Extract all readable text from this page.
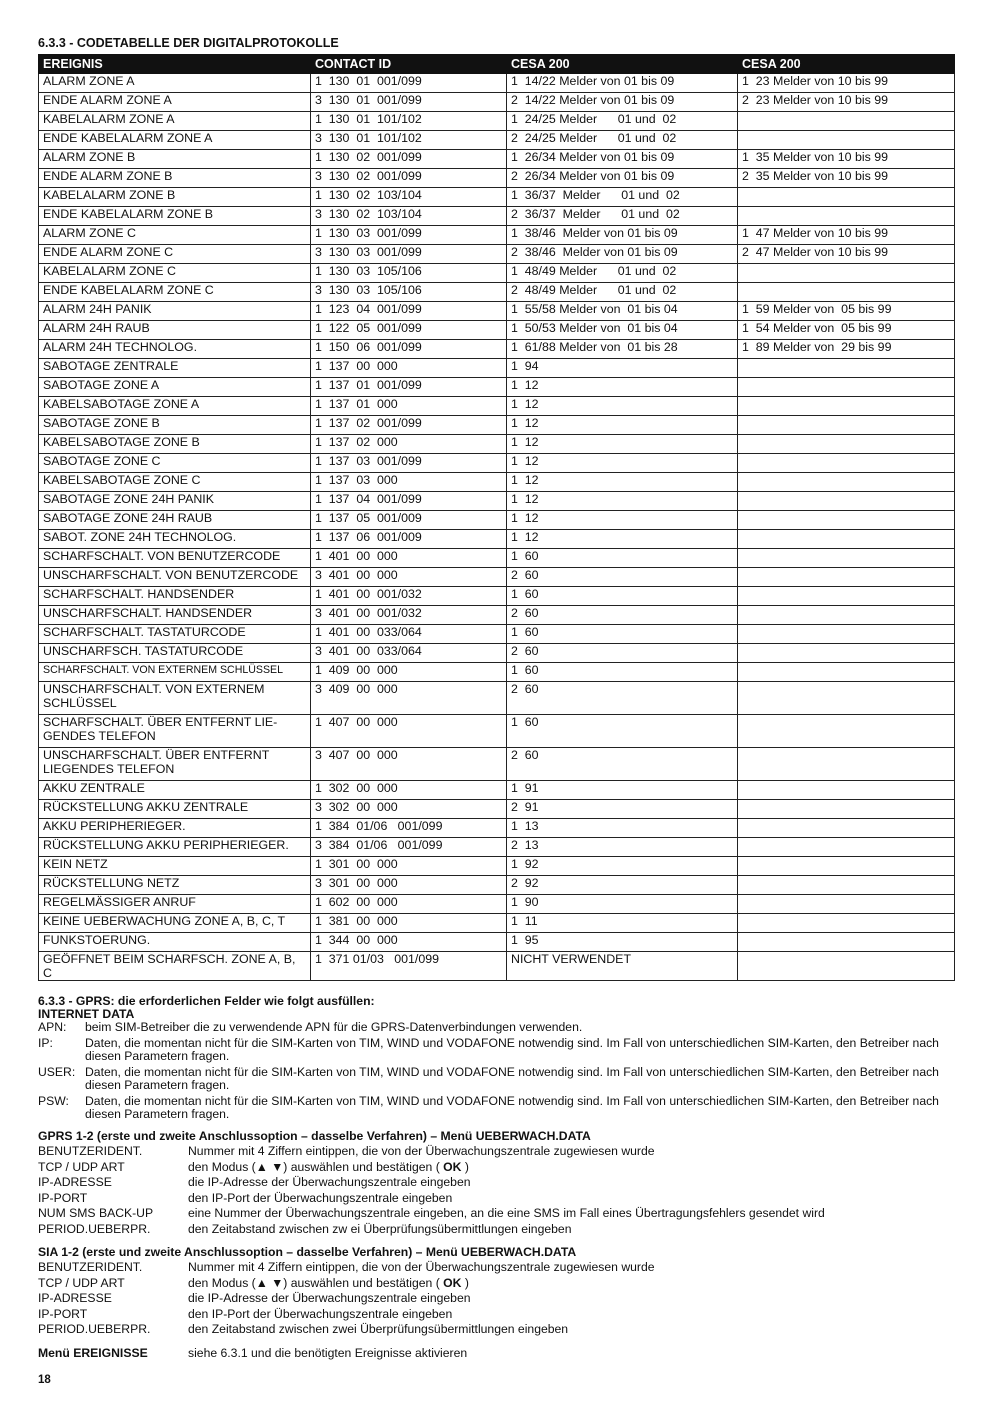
6.3.3 - CODETABELLE DER DIGITALPROTOKOLLE
EREIGNIS	CONTACT ID	CESA 200	CESA 200
ALARM ZONE A	1  130  01  001/099	1  14/22 Melder von 01 bis 09	1  23 Melder von 10 bis 99
ENDE ALARM ZONE A	3  130  01  001/099	2  14/22 Melder von 01 bis 09	2  23 Melder von 10 bis 99
KABELALARM ZONE A	1  130  01  101/102	1  24/25 Melder      01 und  02	
ENDE KABELALARM ZONE A	3  130  01  101/102	2  24/25 Melder      01 und  02	
ALARM ZONE B	1  130  02  001/099	1  26/34 Melder von 01 bis 09	1  35 Melder von 10 bis 99
ENDE ALARM ZONE B	3  130  02  001/099	2  26/34 Melder von 01 bis 09	2  35 Melder von 10 bis 99
KABELALARM ZONE B	1  130  02  103/104	1  36/37  Melder      01 und  02	
ENDE KABELALARM ZONE B	3  130  02  103/104	2  36/37  Melder      01 und  02	
ALARM ZONE C	1  130  03  001/099	1  38/46  Melder von 01 bis 09	1  47 Melder von 10 bis 99
ENDE ALARM ZONE C	3  130  03  001/099	2  38/46  Melder von 01 bis 09	2  47 Melder von 10 bis 99
KABELALARM ZONE C	1  130  03  105/106	1  48/49 Melder      01 und  02	
ENDE KABELALARM ZONE C	3  130  03  105/106	2  48/49 Melder      01 und  02	
ALARM 24H PANIK	1  123  04  001/099	1  55/58 Melder von  01 bis 04	1  59 Melder von  05 bis 99
ALARM 24H RAUB	1  122  05  001/099	1  50/53 Melder von  01 bis 04	1  54 Melder von  05 bis 99
ALARM 24H TECHNOLOG.	1  150  06  001/099	1  61/88 Melder von  01 bis 28	1  89 Melder von  29 bis 99
SABOTAGE ZENTRALE	1  137  00  000	1  94	
SABOTAGE ZONE A	1  137  01  001/099	1  12	
KABELSABOTAGE ZONE A	1  137  01  000	1  12	
SABOTAGE ZONE B	1  137  02  001/099	1  12	
KABELSABOTAGE ZONE B	1  137  02  000	1  12	
SABOTAGE ZONE C	1  137  03  001/099	1  12	
KABELSABOTAGE ZONE C	1  137  03  000	1  12	
SABOTAGE ZONE 24H PANIK	1  137  04  001/099	1  12	
SABOTAGE ZONE 24H RAUB	1  137  05  001/009	1  12	
SABOT. ZONE 24H TECHNOLOG.	1  137  06  001/009	1  12	
SCHARFSCHALT. VON BENUTZERCODE	1  401  00  000	1  60	
UNSCHARFSCHALT. VON BENUTZERCODE	3  401  00  000	2  60	
SCHARFSCHALT. HANDSENDER	1  401  00  001/032	1  60	
UNSCHARFSCHALT. HANDSENDER	3  401  00  001/032	2  60	
SCHARFSCHALT. TASTATURCODE	1  401  00  033/064	1  60	
UNSCHARFSCH. TASTATURCODE	3  401  00  033/064	2  60	
SCHARFSCHALT. VON EXTERNEM SCHLÜSSEL	1  409  00  000	1  60	
UNSCHARFSCHALT. VON EXTERNEM SCHLÜSSEL	3  409  00  000	2  60	
SCHARFSCHALT. ÜBER ENTFERNT LIE-GENDES TELEFON	1  407  00  000	1  60	
UNSCHARFSCHALT. ÜBER ENTFERNT LIEGENDES TELEFON	3  407  00  000	2  60	
AKKU ZENTRALE	1  302  00  000	1  91	
RÜCKSTELLUNG AKKU ZENTRALE	3  302  00  000	2  91	
AKKU PERIPHERIEGER.	1  384  01/06   001/099	1  13	
RÜCKSTELLUNG AKKU PERIPHERIEGER.	3  384  01/06   001/099	2  13	
KEIN NETZ	1  301  00  000	1  92	
RÜCKSTELLUNG NETZ	3  301  00  000	2  92	
REGELMÄSSIGER ANRUF	1  602  00  000	1  90	
KEINE UEBERWACHUNG ZONE A, B, C, T	1  381  00  000	1  11	
FUNKSTOERUNG.	1  344  00  000	1  95	
GEÖFFNET BEIM SCHARFSCH. ZONE A, B, C	1  371 01/03   001/099	NICHT VERWENDET	
6.3.3 - GPRS: die erforderlichen Felder wie folgt ausfüllen:
INTERNET DATA
APN:	beim SIM-Betreiber die zu verwendende APN für die GPRS-Datenverbindungen verwenden.
IP:	Daten, die momentan nicht für die SIM-Karten von TIM, WIND und VODAFONE notwendig sind. Im Fall von unterschiedlichen SIM-Karten, den Betreiber nach diesen Parametern fragen.
USER: Daten, die momentan nicht für die SIM-Karten von TIM, WIND und VODAFONE notwendig sind. Im Fall von unterschiedlichen SIM-Karten, den Betreiber nach diesen Parametern fragen.
PSW:	Daten, die momentan nicht für die SIM-Karten von TIM, WIND und VODAFONE notwendig sind. Im Fall von unterschiedlichen SIM-Karten, den Betreiber nach diesen Parametern fragen.
GPRS 1-2 (erste und zweite Anschlussoption – dasselbe Verfahren) – Menü UEBERWACH.DATA
BENUTZERIDENT.	Nummer mit 4 Ziffern eintippen, die von der Überwachungszentrale zugewiesen wurde
TCP / UDP ART	den Modus (▲ ▼) auswählen und bestätigen ( OK )
IP-ADRESSE	die IP-Adresse der Überwachungszentrale eingeben
IP-PORT	den IP-Port der Überwachungszentrale eingeben
NUM SMS BACK-UP	eine Nummer der Überwachungszentrale eingeben, an die eine SMS im Fall eines Übertragungsfehlers gesendet wird
PERIOD.UEBERPR.	den Zeitabstand zwischen zw ei Überprüfungsübermittlungen eingeben
SIA 1-2 (erste und zweite Anschlussoption – dasselbe Verfahren) – Menü UEBERWACH.DATA
BENUTZERIDENT.	Nummer mit 4 Ziffern eintippen, die von der Überwachungszentrale zugewiesen wurde
TCP / UDP ART	den Modus (▲ ▼) auswählen und bestätigen ( OK )
IP-ADRESSE	die IP-Adresse der Überwachungszentrale eingeben
IP-PORT	den IP-Port der Überwachungszentrale eingeben
PERIOD.UEBERPR.	den Zeitabstand zwischen zwei Überprüfungsübermittlungen eingeben
Menü EREIGNISSE	siehe 6.3.1 und die benötigten Ereignisse aktivieren
18
